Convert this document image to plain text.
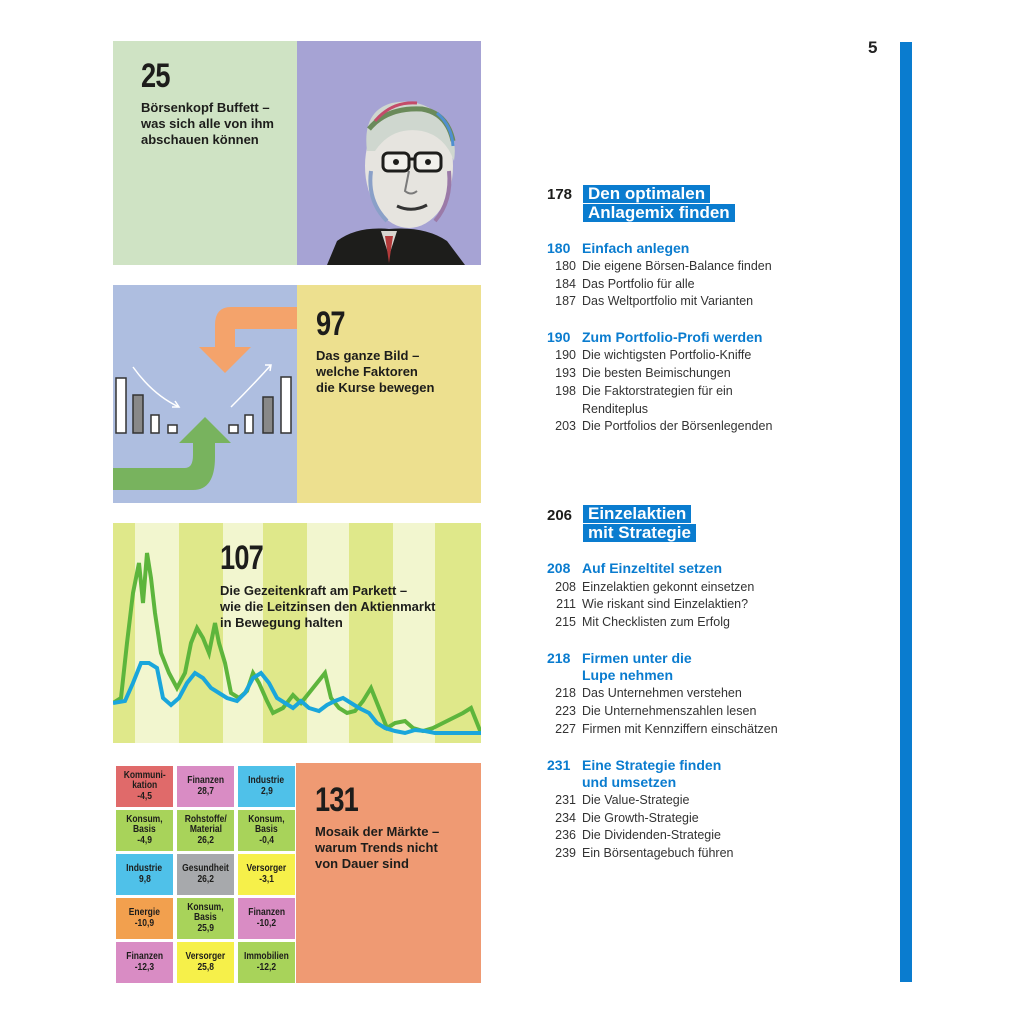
5
25
Börsenkopf Buffett –
was sich alle von ihm
abschauen können
97
Das ganze Bild –
welche Faktoren
die Kurse bewegen
107
Die Gezeitenkraft am Parkett –
wie die Leitzinsen den Aktienmarkt
in Bewegung halten
Kommuni-
kation
-4,5
Finanzen
28,7
Industrie
2,9
Konsum,
Basis
-4,9
Rohstoffe/
Material
26,2
Konsum,
Basis
-0,4
Industrie
9,8
Gesundheit
26,2
Versorger
-3,1
Energie
-10,9
Konsum,
Basis
25,9
Finanzen
-10,2
Finanzen
-12,3
Versorger
25,8
Immobilien
-12,2
131
Mosaik der Märkte –
warum Trends nicht
von Dauer sind
178 Den optimalen
Anlagemix finden
180 Einfach anlegen
180 Die eigene Börsen-Balance finden
184 Das Portfolio für alle
187 Das Weltportfolio mit Varianten
190 Zum Portfolio-Profi werden
190 Die wichtigsten Portfolio-Kniffe
193 Die besten Beimischungen
198 Die Faktorstrategien für ein
Renditeplus
203 Die Portfolios der Börsenlegenden
206 Einzelaktien
mit Strategie
208 Auf Einzeltitel setzen
208 Einzelaktien gekonnt einsetzen
211 Wie riskant sind Einzelaktien?
215 Mit Checklisten zum Erfolg
218 Firmen unter die
Lupe nehmen
218 Das Unternehmen verstehen
223 Die Unternehmenszahlen lesen
227 Firmen mit Kennziffern einschätzen
231 Eine Strategie finden
und umsetzen
231 Die Value-Strategie
234 Die Growth-Strategie
236 Die Dividenden-Strategie
239 Ein Börsentagebuch führen
